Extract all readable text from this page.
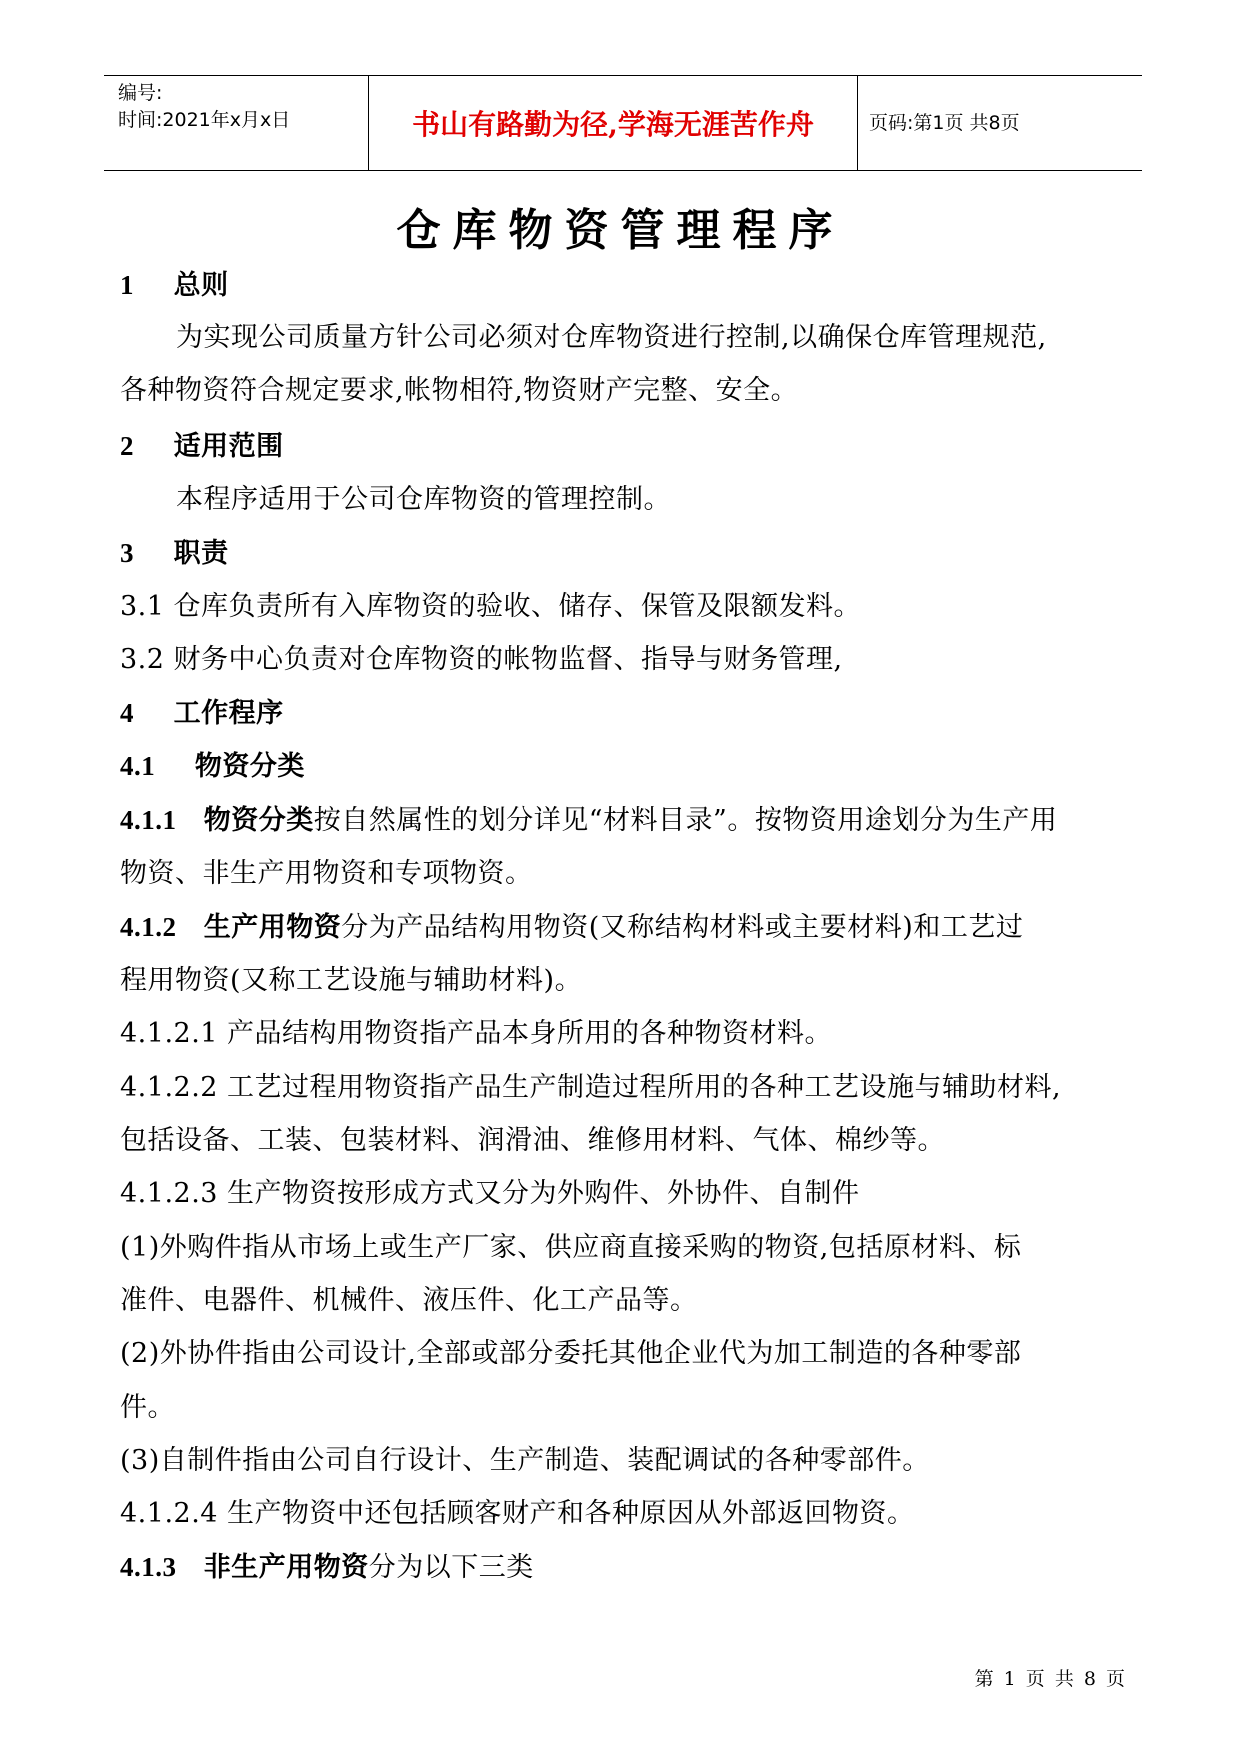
编号:
时间:2021年x月x日	书山有路勤为径,学海无涯苦作舟	页码:第1页 共8页
仓库物资管理程序
1 总则
为实现公司质量方针公司必须对仓库物资进行控制,以确保仓库管理规范,
各种物资符合规定要求,帐物相符,物资财产完整、安全。
2 适用范围
本程序适用于公司仓库物资的管理控制。
3 职责
3.1 仓库负责所有入库物资的验收、储存、保管及限额发料。
3.2 财务中心负责对仓库物资的帐物监督、指导与财务管理,
4 工作程序
4.1 物资分类
4.1.1 物资分类按自然属性的划分详见“材料目录”。按物资用途划分为生产用
物资、非生产用物资和专项物资。
4.1.2 生产用物资分为产品结构用物资(又称结构材料或主要材料)和工艺过
程用物资(又称工艺设施与辅助材料)。
4.1.2.1 产品结构用物资指产品本身所用的各种物资材料。
4.1.2.2 工艺过程用物资指产品生产制造过程所用的各种工艺设施与辅助材料,
包括设备、工装、包装材料、润滑油、维修用材料、气体、棉纱等。
4.1.2.3 生产物资按形成方式又分为外购件、外协件、自制件
(1)外购件指从市场上或生产厂家、供应商直接采购的物资,包括原材料、标
准件、电器件、机械件、液压件、化工产品等。
(2)外协件指由公司设计,全部或部分委托其他企业代为加工制造的各种零部
件。
(3)自制件指由公司自行设计、生产制造、装配调试的各种零部件。
4.1.2.4 生产物资中还包括顾客财产和各种原因从外部返回物资。
4.1.3 非生产用物资分为以下三类
第 1 页 共 8 页
